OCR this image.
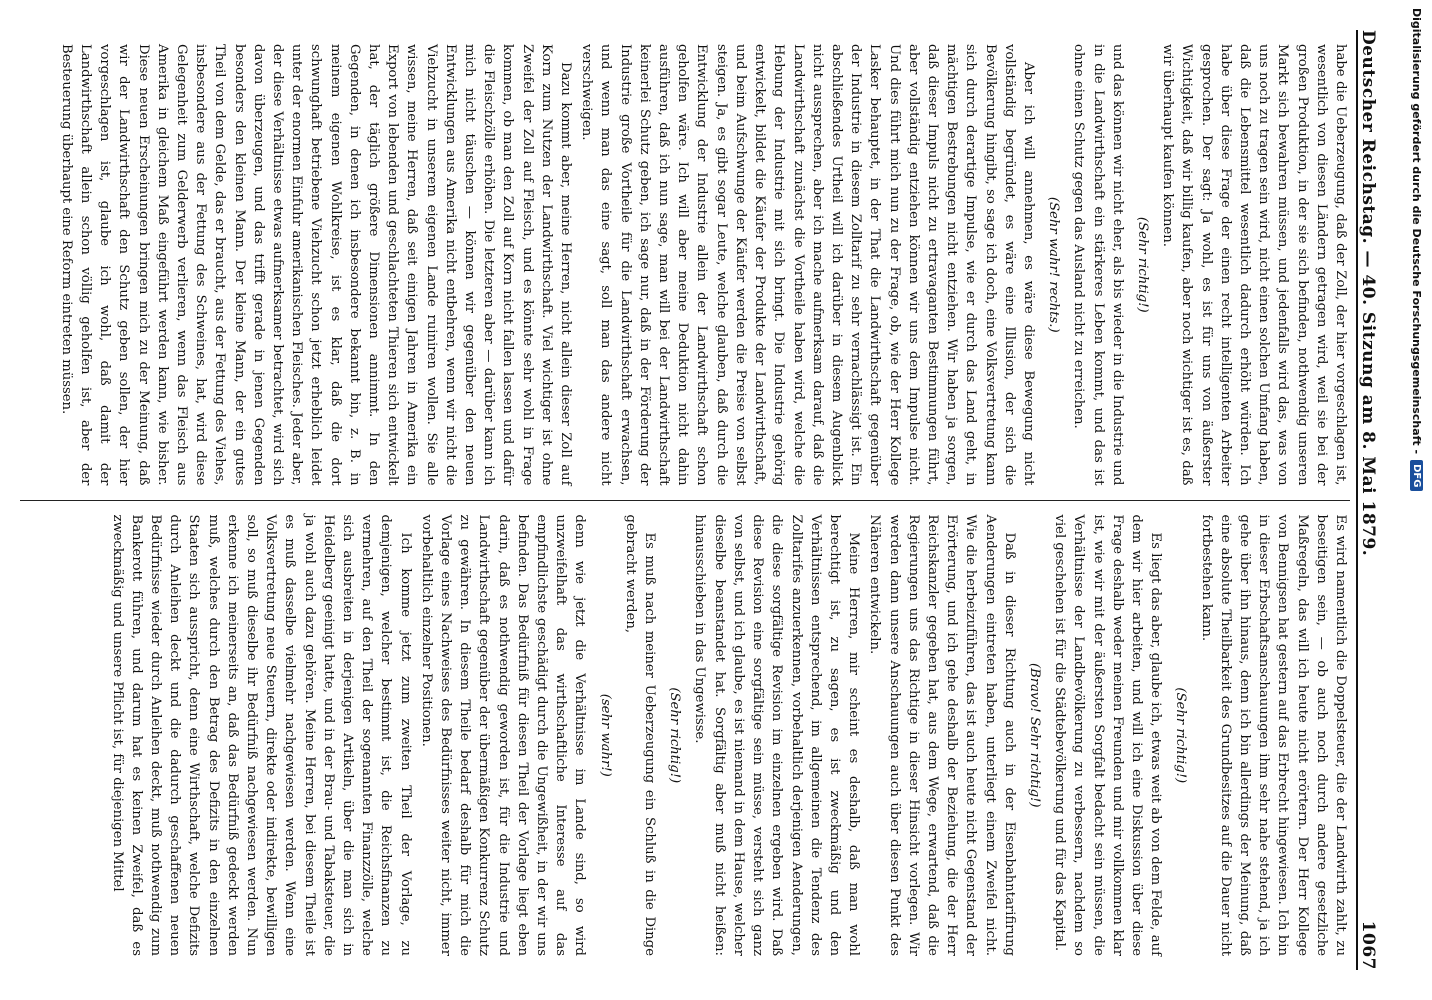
Deutscher Reichstag. — 40. Sitzung am 8. Mai 1879.
1067

habe die Ueberzeugung, daß der Zoll, der hier vorgeschlagen ist, wesentlich von diesen Ländern getragen wird, weil sie bei der großen Produktion, in der sie sich befinden, nothwendig unseren Markt sich bewahren müssen, und jedenfalls wird das, was von uns noch zu tragen sein wird, nicht einen solchen Umfang haben, daß die Lebensmittel wesentlich dadurch erhöht würden. Ich habe über diese Frage der einen recht intelligenten Arbeiter gesprochen. Der sagt: Ja wohl, es ist für uns von äußerster Wichtigkeit, daß wir billig kaufen, aber noch wichtiger ist es, daß wir überhaupt kaufen können.

(Sehr richtig!)

und das können wir nicht eher, als bis wieder in die Industrie und in die Landwirthschaft ein stärkeres Leben kommt, und das ist ohne einen Schutz gegen das Ausland nicht zu erreichen.

(Sehr wahr! rechts.)

Aber ich will annehmen, es wäre diese Bewegung nicht vollständig begründet, es wäre eine Illusion, der sich die Bevölkerung hingibt, so sage ich doch, eine Volksvertretung kann sich durch derartige Impulse, wie er durch das Land geht, in mächtigen Bestrebungen nicht entziehen. Wir haben ja sorgen, daß dieser Impuls nicht zu ertravaganten Bestimmungen führt, aber vollständig entziehen können wir uns dem Impulse nicht. Und dies führt mich nun zu der Frage, ob, wie der Herr Kollege Lasker behauptet, in der That die Landwirthschaft gegenüber der Industrie in diesem Zolltarif zu sehr vernachlässigt ist. Ein abschließendes Urtheil will ich darüber in diesem Augenblick nicht aussprechen, aber ich mache aufmerksam darauf, daß die Landwirthschaft zunächst die Vortheile haben wird, welche die Hebung der Industrie mit sich bringt. Die Industrie gehörig entwickelt, bildet die Käufer der Produkte der Landwirthschaft, und beim Aufschwunge der Käufer werden die Preise von selbst steigen. Ja, es gibt sogar Leute, welche glauben, daß durch die Entwicklung der Industrie allein der Landwirthschaft schon geholfen wäre. Ich will aber meine Deduktion nicht dahin ausführen, daß ich nun sage, man will bei der Landwirthschaft keinerlei Schutz geben, ich sage nur, daß in der Förderung der Industrie große Vortheile für die Landwirthschaft erwachsen, und wenn man das eine sagt, soll man das andere nicht verschweigen.

Dazu kommt aber, meine Herren, nicht allein dieser Zoll auf Korn zum Nutzen der Landwirthschaft. Viel wichtiger ist ohne Zweifel der Zoll auf Fleisch, und es könnte sehr wohl in Frage kommen, ob man den Zoll auf Korn nicht fallen lassen und dafür die Fleischzölle erhöhen. Die letzteren aber — darüber kann ich mich nicht täuschen — können wir gegenüber den neuen Entwicklungen aus Amerika nicht entbehren, wenn wir nicht die Viehzucht in unserem eigenen Lande ruiniren wollen. Sie alle wissen, meine Herren, daß seit einigen Jahren in Amerika ein Export von lebenden und geschlachteten Thieren sich entwickelt hat, der täglich größere Dimensionen annimmt. In den Gegenden, in denen ich insbesondere bekannt bin, z. B. in meinem eigenen Wohlkreise, ist es klar, daß die dort schwunghaft betriebene Viehzucht schon jetzt erheblich leidet unter der enormen Einfuhr amerikanischen Fleisches. Jeder aber, der diese Verhältnisse etwas aufmerksamer betrachtet, wird sich davon überzeugen, und das trifft gerade in jenen Gegenden besonders den kleinen Mann. Der kleine Mann, der ein gutes Theil von dem Gelde, das er braucht, aus der Fettung des Viehes, insbesondere aus der Fettung des Schweines, hat, wird diese Gelegenheit zum Gelderwerb verlieren, wenn das Fleisch aus Amerika in gleichem Maß eingeführt werden kann, wie bisher. Diese neuen Erscheinungen bringen mich zu der Meinung, daß wir der Landwirthschaft den Schutz geben sollen, der hier vorgeschlagen ist, glaube ich wohl, daß damit der Landwirthschaft allein schon völlig geholfen ist, aber der Besteuerung überhaupt eine Reform eintreten müssen.

Es wird namentlich die Doppelsteuer, die der Landwirth zahlt, zu beseitigen sein, — ob auch noch durch andere gesetzliche Maßregeln, das will ich heute nicht erörtern. Der Herr Kollege von Bennigsen hat gestern auf das Erbrecht hingewiesen. Ich bin in dieser Erbschaftsanschauungen ihm sehr nahe stehend, ja ich gehe über ihn hinaus, denn ich bin allerdings der Meinung, daß eine absolute Theilbarkeit des Grundbesitzes auf die Dauer nicht fortbestehen kann.

(Sehr richtig!)

Es liegt das aber, glaube ich, etwas weit ab von dem Felde, auf dem wir hier arbeiten, und will ich eine Diskussion über diese Frage deshalb weder meinen Freunden und mir vollkommen klar ist, wie wir mit der äußersten Sorgfalt bedacht sein müssen, die Verhältnisse der Landbevölkerung zu verbessern, nachdem so viel geschehen ist für die Städtebevölkerung und für das Kapital.

(Bravo! Sehr richtig!)

Daß in dieser Richtung auch in der Eisenbahntarifirung Aenderungen eintreten haben, unterliegt einem Zweifel nicht. Wie die herbeizuführen, das ist auch heute nicht Gegenstand der Erörterung, und ich gehe deshalb der Beziehung, die der Herr Reichskanzler gegeben hat, aus dem Wege, erwartend, daß die Regierungen uns das Richtige in dieser Hinsicht vorlegen. Wir werden dann unsere Anschauungen auch über diesen Punkt des Näheren entwickeln.

Meine Herren, mir scheint es deshalb, daß man wohl berechtigt ist, zu sagen, es ist zweckmäßig und den Verhältnissen entsprechend, im allgemeinen die Tendenz des Zolltarifes anzuerkennen, vorbehaltlich derjenigen Aenderungen, die diese sorgfältige Revision im einzelnen ergeben wird. Daß diese Revision eine sorgfältige sein müsse, versteht sich ganz von selbst, und ich glaube, es ist niemand in dem Hause, welcher dieselbe beanstandet hat. Sorgfältig aber muß nicht heißen: hinausschieben in das Ungewisse.

(Sehr richtig!)

Es muß nach meiner Ueberzeugung ein Schluß in die Dinge gebracht werden,

(sehr wahr!)

denn wie jetzt die Verhältnisse im Lande sind, so wird unzweifelhaft das wirthschaftliche Interesse auf das empfindlichste geschädigt durch die Ungewißheit, in der wir uns befinden. Das Bedürfniß für diesen Theil der Vorlage liegt eben darin, daß es nothwendig geworden ist, für die Industrie und Landwirthschaft gegenüber der übermäßigen Konkurrenz Schutz zu gewähren. In diesem Theile bedarf deshalb für mich die Vorlage eines Nachweises des Bedürfnisses weiter nicht, immer vorbehaltlich einzelner Positionen.

Ich komme jetzt zum zweiten Theil der Vorlage, zu demjenigen, welcher bestimmt ist, die Reichsfinanzen zu vermehren, auf den Theil der sogenannten Finanzzölle, welche sich ausbreiten in derjenigen Artikeln, über die man sich in Heidelberg geeinigt hatte, und in der Brau- und Tabaksteuer, die ja wohl auch dazu gehören. Meine Herren, bei diesem Theile ist es muß dasselbe vielmehr nachgewiesen werden. Wenn eine Volksvertretung neue Steuern, direkte oder indirekte, bewilligen soll, so muß dieselbe ihr Bedürfniß nachgewiesen werden. Nun erkenne ich meinerseits an, daß das Bedürfniß gedeckt werden muß, welches durch den Betrag des Defizits in den einzelnen Staaten sich ausspricht, denn eine Wirthschaft, welche Defizits durch Anleihen deckt und die dadurch geschaffenen neuen Bedürfnisse wieder durch Anleihen deckt, muß nothwendig zum Bankerott führen, und darum hat es keinen Zweifel, daß es zweckmäßig und unsere Pflicht ist, für diejenigen Mittel

Digitalisierung gefördert durch die Deutsche Forschungsgemeinschaft -
DFG
